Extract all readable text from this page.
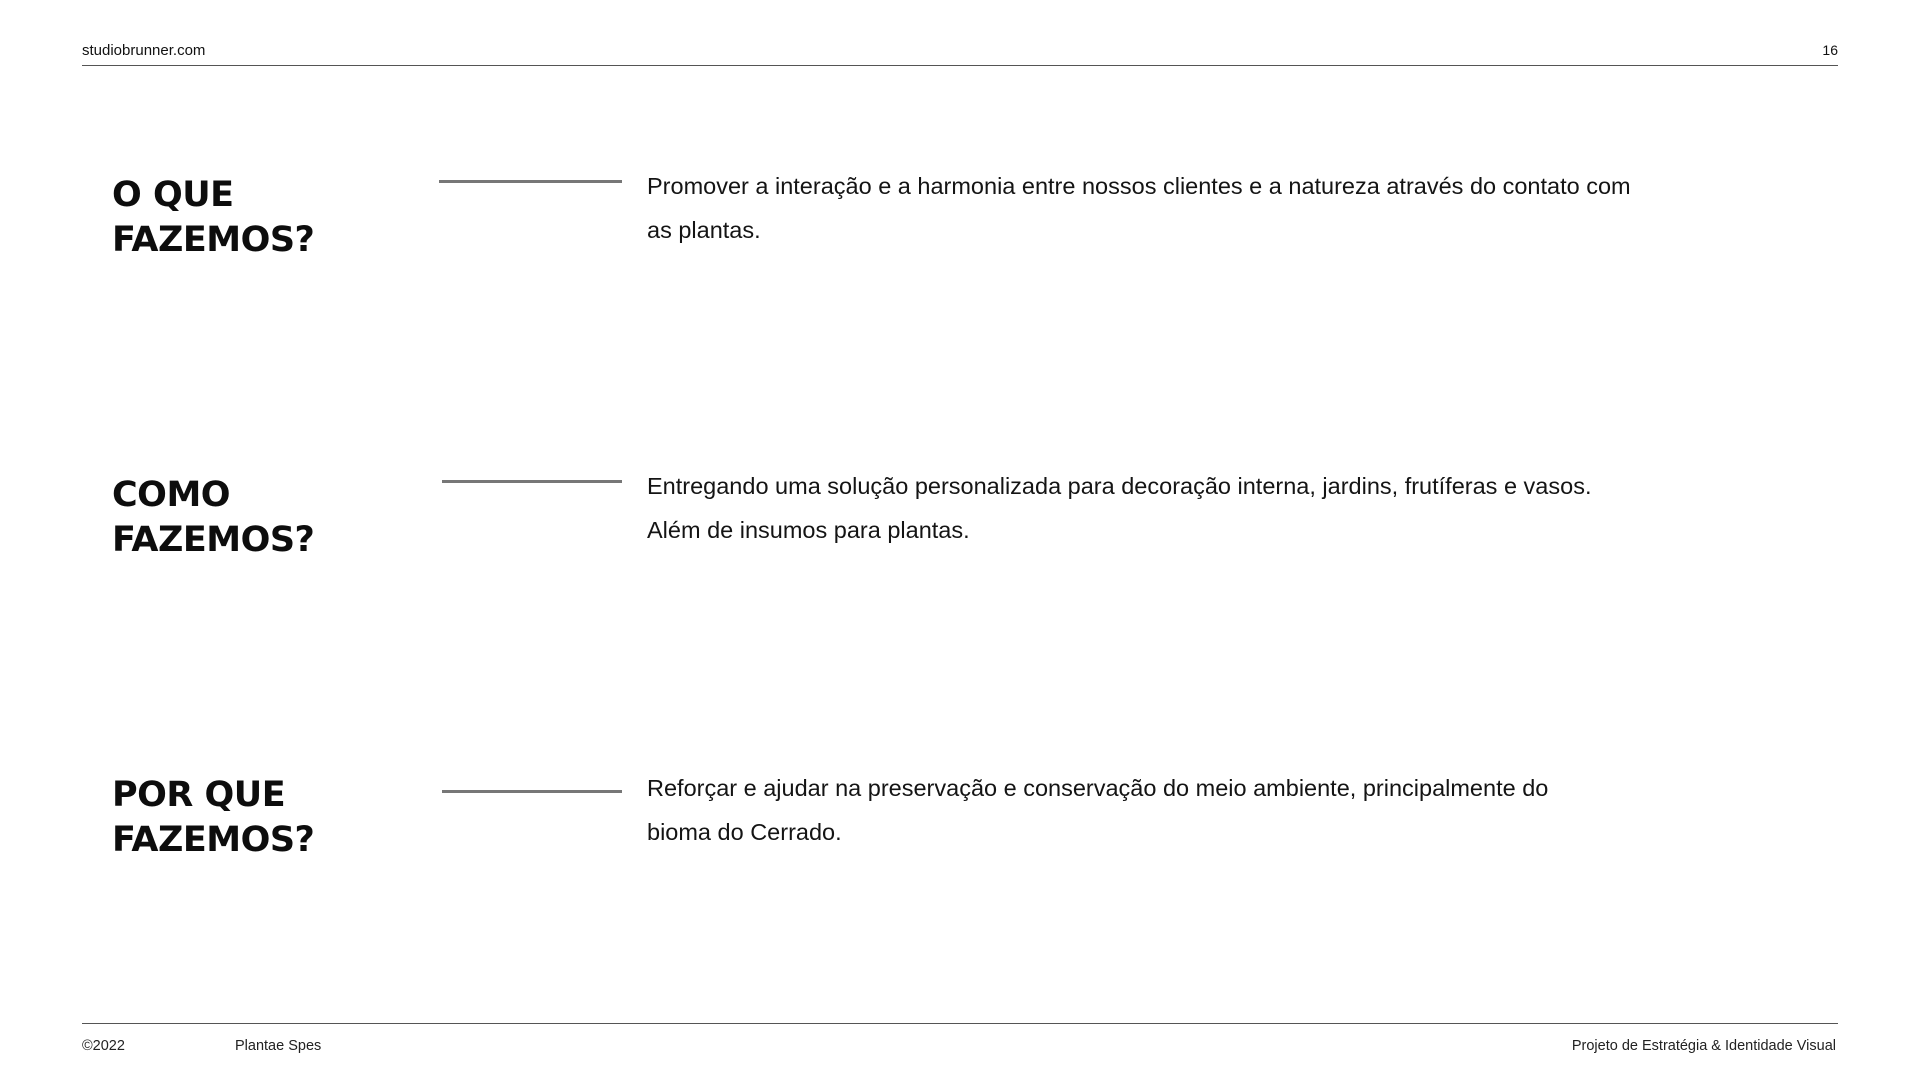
studiobrunner.com	16
O QUE
FAZEMOS?

Promover a interação e a harmonia entre nossos clientes e a natureza através do contato com
as plantas.

COMO
FAZEMOS?

Entregando uma solução personalizada para decoração interna, jardins, frutíferas e vasos.
Além de insumos para plantas.

POR QUE
FAZEMOS?

Reforçar e ajudar na preservação e conservação do meio ambiente, principalmente do
bioma do Cerrado.

©2022	Plantae Spes	Projeto de Estratégia & Identidade Visual
